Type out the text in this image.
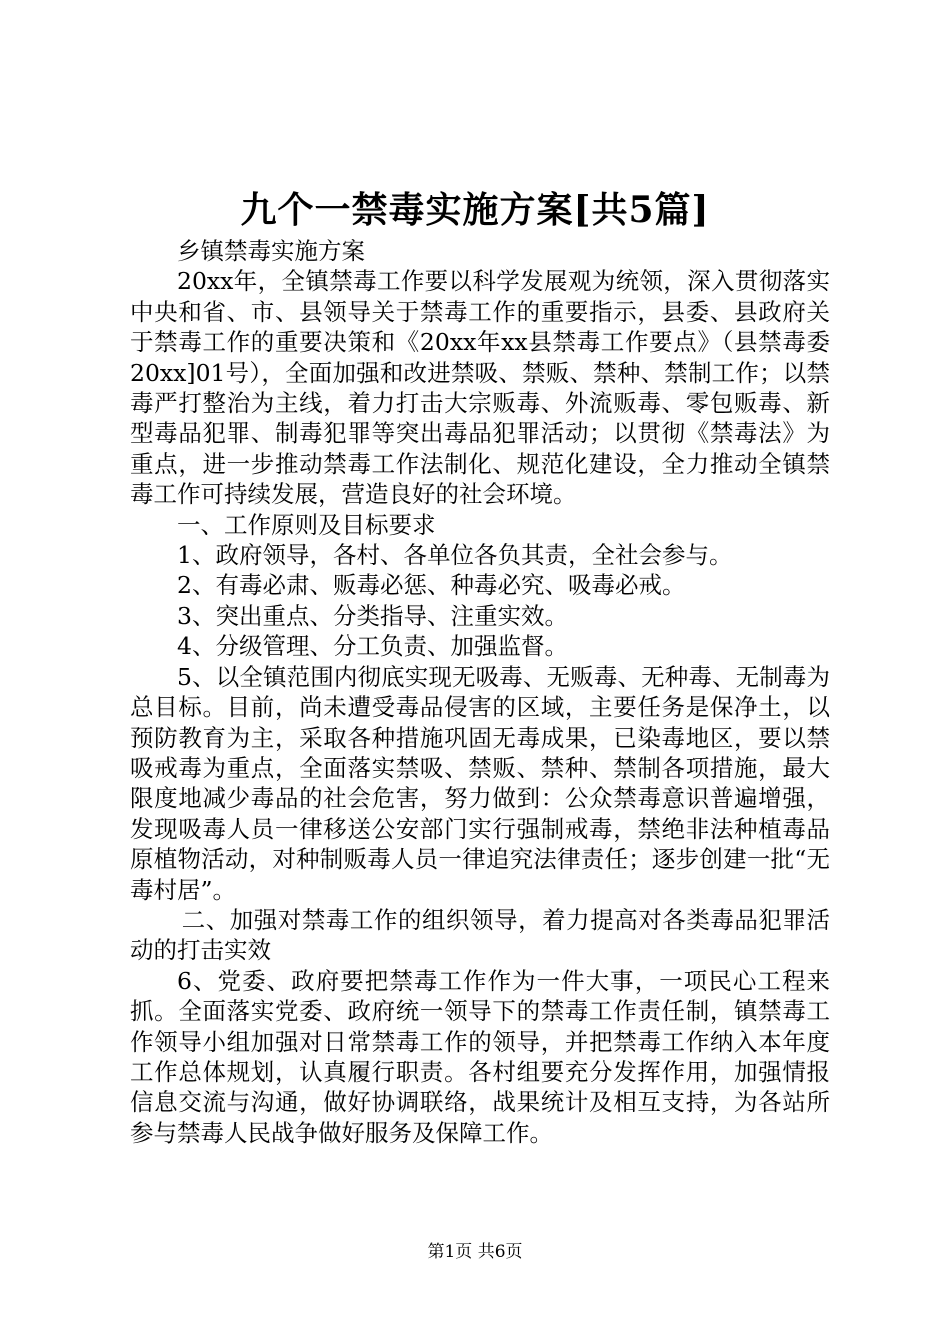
九个一禁毒实施方案[共5篇]

乡镇禁毒实施方案

20xx年，全镇禁毒工作要以科学发展观为统领，深入贯彻落实中央和省、市、县领导关于禁毒工作的重要指示，县委、县政府关于禁毒工作的重要决策和《20xx年xx县禁毒工作要点》（县禁毒委20xx]01号），全面加强和改进禁吸、禁贩、禁种、禁制工作；以禁毒严打整治为主线，着力打击大宗贩毒、外流贩毒、零包贩毒、新型毒品犯罪、制毒犯罪等突出毒品犯罪活动；以贯彻《禁毒法》为重点，进一步推动禁毒工作法制化、规范化建设，全力推动全镇禁毒工作可持续发展，营造良好的社会环境。

一、工作原则及目标要求

1、政府领导，各村、各单位各负其责，全社会参与。

2、有毒必肃、贩毒必惩、种毒必究、吸毒必戒。

3、突出重点、分类指导、注重实效。

4、分级管理、分工负责、加强监督。

5、以全镇范围内彻底实现无吸毒、无贩毒、无种毒、无制毒为总目标。目前，尚未遭受毒品侵害的区域，主要任务是保净土，以预防教育为主，采取各种措施巩固无毒成果，已染毒地区，要以禁吸戒毒为重点，全面落实禁吸、禁贩、禁种、禁制各项措施，最大限度地减少毒品的社会危害，努力做到：公众禁毒意识普遍增强，发现吸毒人员一律移送公安部门实行强制戒毒，禁绝非法种植毒品原植物活动，对种制贩毒人员一律追究法律责任；逐步创建一批“无毒村居”。

二、加强对禁毒工作的组织领导，着力提高对各类毒品犯罪活动的打击实效

6、党委、政府要把禁毒工作作为一件大事，一项民心工程来抓。全面落实党委、政府统一领导下的禁毒工作责任制，镇禁毒工作领导小组加强对日常禁毒工作的领导，并把禁毒工作纳入本年度工作总体规划，认真履行职责。各村组要充分发挥作用，加强情报信息交流与沟通，做好协调联络，战果统计及相互支持，为各站所参与禁毒人民战争做好服务及保障工作。

第1页 共6页
